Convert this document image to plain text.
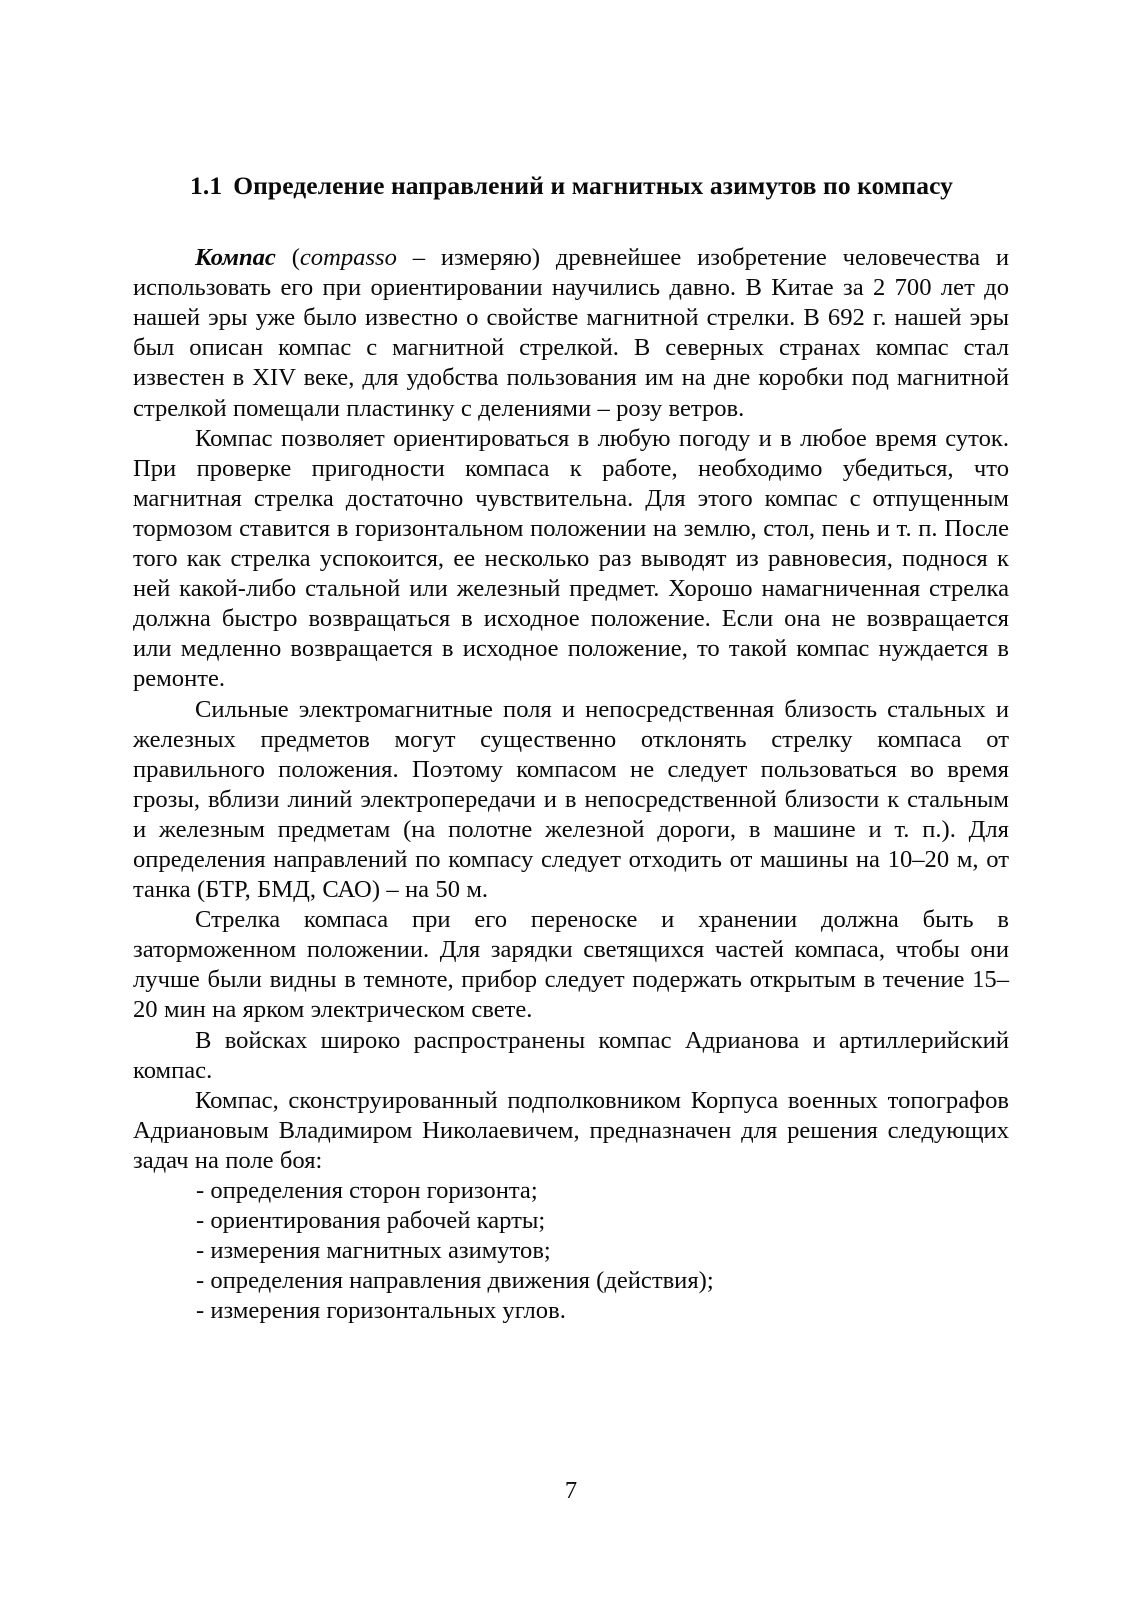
1.1 Определение направлений и магнитных азимутов по компасу

Компас (compasso – измеряю) древнейшее изобретение человечества и использовать его при ориентировании научились давно. В Китае за 2 700 лет до нашей эры уже было известно о свойстве магнитной стрелки. В 692 г. нашей эры был описан компас с магнитной стрелкой. В северных странах компас стал известен в XIV веке, для удобства пользования им на дне коробки под магнитной стрелкой помещали пластинку с делениями – розу ветров.

Компас позволяет ориентироваться в любую погоду и в любое время суток. При проверке пригодности компаса к работе, необходимо убедиться, что магнитная стрелка достаточно чувствительна. Для этого компас с отпущенным тормозом ставится в горизонтальном положении на землю, стол, пень и т. п. После того как стрелка успокоится, ее несколько раз выводят из равновесия, поднося к ней какой-либо стальной или железный предмет. Хорошо намагниченная стрелка должна быстро возвращаться в исходное положение. Если она не возвращается или медленно возвращается в исходное положение, то такой компас нуждается в ремонте.

Сильные электромагнитные поля и непосредственная близость стальных и железных предметов могут существенно отклонять стрелку компаса от правильного положения. Поэтому компасом не следует пользоваться во время грозы, вблизи линий электропередачи и в непосредственной близости к стальным и железным предметам (на полотне железной дороги, в машине и т. п.). Для определения направлений по компасу следует отходить от машины на 10–20 м, от танка (БТР, БМД, САО) – на 50 м.

Стрелка компаса при его переноске и хранении должна быть в заторможенном положении. Для зарядки светящихся частей компаса, чтобы они лучше были видны в темноте, прибор следует подержать открытым в течение 15–20 мин на ярком электрическом свете.

В войсках широко распространены компас Адрианова и артиллерийский компас.

Компас, сконструированный подполковником Корпуса военных топографов Адриановым Владимиром Николаевичем, предназначен для решения следующих задач на поле боя:

- определения сторон горизонта;
- ориентирования рабочей карты;
- измерения магнитных азимутов;
- определения направления движения (действия);
- измерения горизонтальных углов.
7
